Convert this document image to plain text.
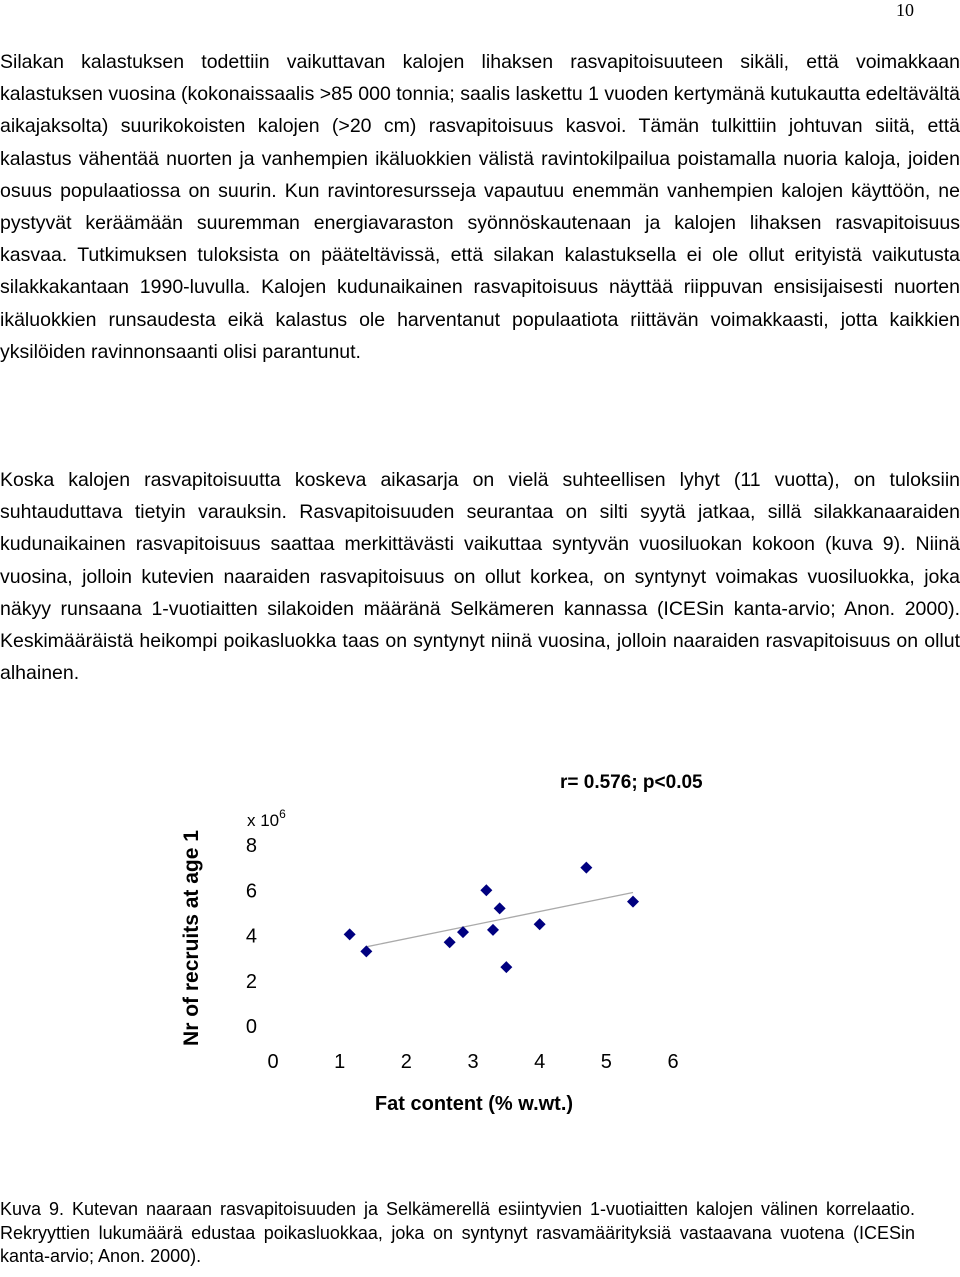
10

Silakan kalastuksen todettiin vaikuttavan kalojen lihaksen rasvapitoisuuteen sikäli, että voimakkaan kalastuksen vuosina (kokonaissaalis >85 000 tonnia; saalis laskettu 1 vuoden kertymänä kutukautta edeltävältä aikajaksolta) suurikokoisten kalojen (>20 cm) rasvapitoisuus kasvoi. Tämän tulkittiin johtuvan siitä, että kalastus vähentää nuorten ja vanhempien ikäluokkien välistä ravintokilpailua poistamalla nuoria kaloja, joiden osuus populaatiossa on suurin. Kun ravintoresursseja vapautuu enemmän vanhempien kalojen käyttöön, ne pystyvät keräämään suuremman energiavaraston syönnöskautenaan ja kalojen lihaksen rasvapitoisuus kasvaa. Tutkimuksen tuloksista on pääteltävissä, että silakan kalastuksella ei ole ollut erityistä vaikutusta silakkakantaan 1990-luvulla. Kalojen kudunaikainen rasvapitoisuus näyttää riippuvan ensisijaisesti nuorten ikäluokkien runsaudesta eikä kalastus ole harventanut populaatiota riittävän voimakkaasti, jotta kaikkien yksilöiden ravinnonsaanti olisi parantunut.

Koska kalojen rasvapitoisuutta koskeva aikasarja on vielä suhteellisen lyhyt (11 vuotta), on tuloksiin suhtauduttava tietyin varauksin. Rasvapitoisuuden seurantaa on silti syytä jatkaa, sillä silakkanaaraiden kudunaikainen rasvapitoisuus saattaa merkittävästi vaikuttaa syntyvän vuosiluokan kokoon (kuva 9). Niinä vuosina, jolloin kutevien naaraiden rasvapitoisuus on ollut korkea, on syntynyt voimakas vuosiluokka, joka näkyy runsaana 1-vuotiaitten silakoiden määränä Selkämeren kannassa (ICESin kanta-arvio; Anon. 2000). Keskimääräistä heikompi poikasluokka taas on syntynyt niinä vuosina, jolloin naaraiden rasvapitoisuus on ollut alhainen.

Nr of recruits at age 1
x $10^6$
r= 0.576; p<0.05
Fat content (% w.wt.)
0	1	2	3	4	5	6
0
2
4
6
8

Kuva 9. Kutevan naaraan rasvapitoisuuden ja Selkämerellä esiintyvien 1-vuotiaitten kalojen välinen korrelaatio. Rekryyttien lukumäärä edustaa poikasluokkaa, joka on syntynyt rasvamäärityksiä vastaavana vuotena (ICESin kanta-arvio; Anon. 2000).
